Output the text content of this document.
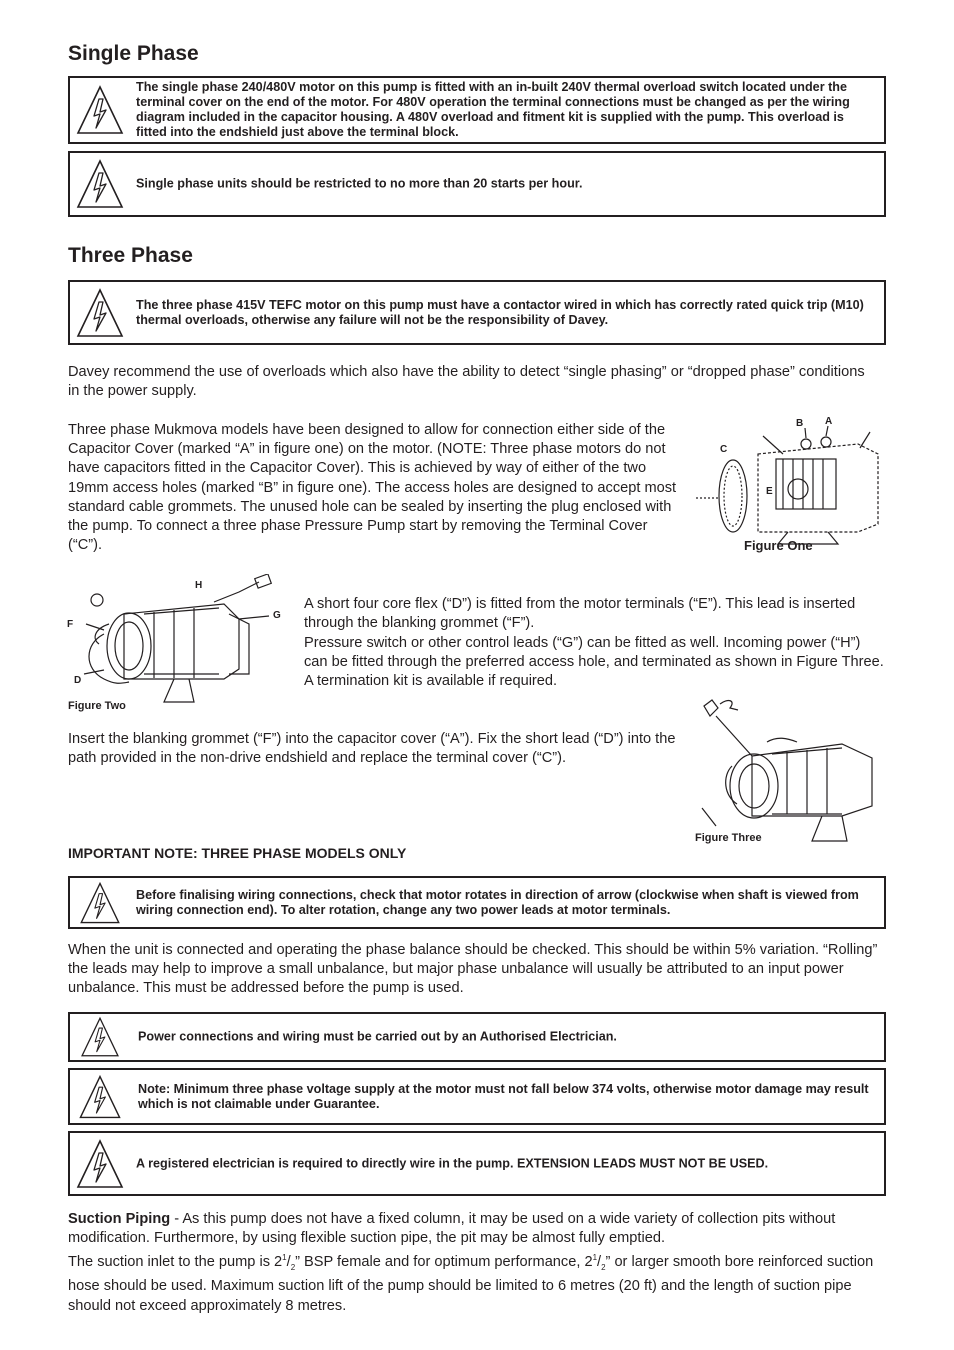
Single Phase
The single phase 240/480V motor on this pump is fitted with an in-built 240V thermal overload switch located under the terminal cover on the end of the motor. For 480V operation the terminal connections must be changed as per the wiring diagram included in the capacitor housing. A 480V overload and fitment kit is supplied with the pump. This overload is fitted into the endshield just above the terminal block.
Single phase units should be restricted to no more than 20 starts per hour.
Three Phase
The three phase 415V TEFC motor on this pump must have a contactor wired in which has correctly rated quick trip (M10) thermal overloads, otherwise any failure will not be the responsibility of Davey.
Davey recommend the use of overloads which also have the ability to detect “single phasing” or “dropped phase” conditions in the power supply.
Three phase Mukmova models have been designed to allow for connection either side of the Capacitor Cover (marked “A” in figure one) on the motor. (NOTE: Three phase motors do not have capacitors fitted in the Capacitor Cover). This is achieved by way of either of the two 19mm access holes (marked “B” in figure one). The access holes are designed to accept most standard cable grommets. The unused hole can be sealed by inserting the plug enclosed with the pump. To connect a three phase Pressure Pump start by removing the Terminal Cover (“C”).
A
B
C
E
Figure One
H
F
G
D
Figure Two
A short four core flex (“D”) is fitted from the motor terminals (“E”). This lead is inserted through the blanking grommet (“F”).
Pressure switch or other control leads (“G”) can be fitted as well. Incoming power (“H”) can be fitted through the preferred access hole, and terminated as shown in Figure Three. A termination kit is available if required.
Insert the blanking grommet (“F”) into the capacitor cover (“A”). Fix the short lead (“D”) into the path provided in the non-drive endshield and replace the terminal cover (“C”).
Figure Three
IMPORTANT NOTE: THREE PHASE MODELS ONLY
Before finalising wiring connections, check that motor rotates in direction of arrow (clockwise when shaft is viewed from wiring connection end). To alter rotation, change any two power leads at motor terminals.
When the unit is connected and operating the phase balance should be checked. This should be within 5% variation. “Rolling” the leads may help to improve a small unbalance, but major phase unbalance will usually be attributed to an input power unbalance. This must be addressed before the pump is used.
Power connections and wiring must be carried out by an Authorised Electrician.
Note: Minimum three phase voltage supply at the motor must not fall below 374 volts, otherwise motor damage may result which is not claimable under Guarantee.
A registered electrician is required to directly wire in the pump. EXTENSION LEADS MUST NOT BE USED.
Suction Piping - As this pump does not have a fixed column, it may be used on a wide variety of collection pits without modification. Furthermore, by using flexible suction pipe, the pit may be almost fully emptied.
The suction inlet to the pump is $2^1/_2$” BSP female and for optimum performance, $2^1/_2$” or larger smooth bore reinforced suction hose should be used. Maximum suction lift of the pump should be limited to 6 metres (20 ft) and the length of suction pipe should not exceed approximately 8 metres.
